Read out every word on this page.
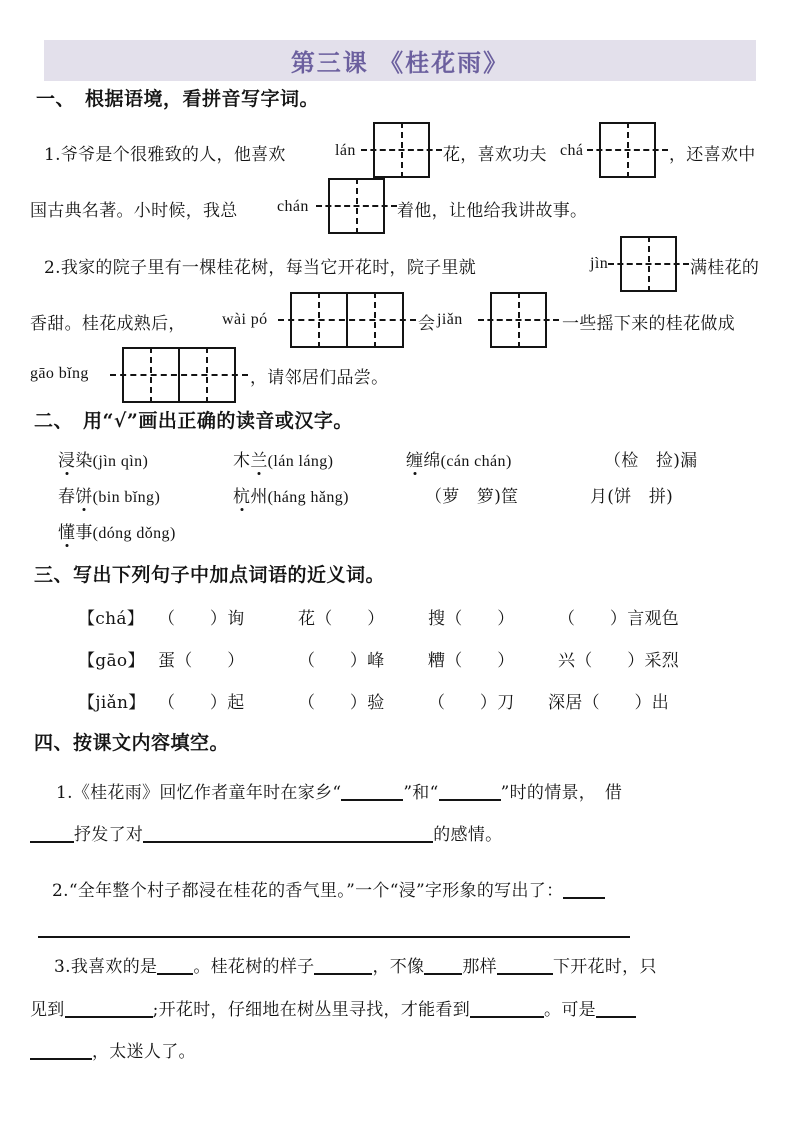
第三课 《桂花雨》
一、　根据语境，看拼音写字词。
1.爷爷是个很雅致的人，他喜欢	lán	花，喜欢功夫 chá	，还喜欢中
国古典名著。小时候，我总 chán	着他，让他给我讲故事。
2.我家的院子里有一棵桂花树，每当它开花时，院子里就	jìn	满桂花的
香甜。桂花成熟后， wài pó	会 jiǎn	一些摇下来的桂花做成
gāo bǐng	，请邻居们品尝。
二、　用“√”画出正确的读音或汉字。
浸染(jìn qìn)	木兰(lán láng)	缠绵(cán chán)	（检　捡)漏
春饼(bin bǐng)	杭州(háng hǎng)	（萝　箩)筐	月(饼　拼)
懂事(dóng dǒng)
三、写出下列句子中加点词语的近义词。
【chá】 （　　）询	花（　　）	搜（　　）	（　　）言观色
【gāo】 蛋（　　）	（　　）峰	糟（　　）	兴（　　）采烈
【jiǎn】 （　　）起	（　　）验	（　　）刀 深居（　　）出
四、按课文内容填空。
1.《桂花雨》回忆作者童年时在家乡“	”和“	”时的情景，　借
抒发了对	的感情。
2.“全年整个村子都浸在桂花的香气里。”一个“浸”字形象的写出了：
3.我喜欢的是 。桂花树的样子	，不像 那样	下开花时，只
见到	;开花时，仔细地在树丛里寻找，才能看到	。可是
，太迷人了。
